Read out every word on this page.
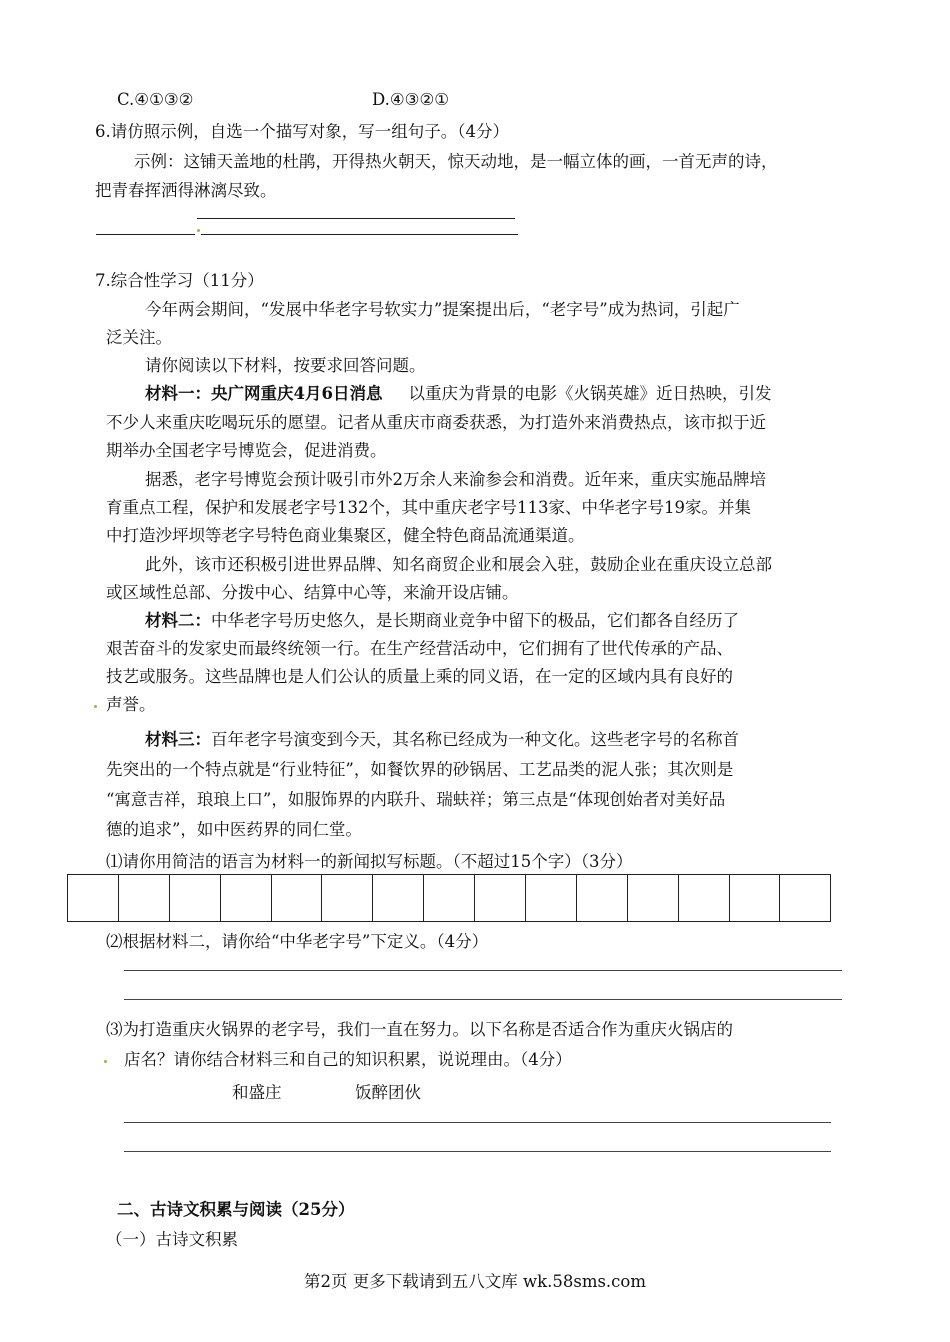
C.④①③②	D.④③②①
6.请仿照示例，自选一个描写对象，写一组句子。（4分）
示例：这铺天盖地的杜鹃，开得热火朝天，惊天动地，是一幅立体的画，一首无声的诗，
把青春挥洒得淋漓尽致。
7.综合性学习（11分）
今年两会期间，“发展中华老字号软实力”提案提出后，“老字号”成为热词，引起广
泛关注。
请你阅读以下材料，按要求回答问题。
材料一：央广网重庆4月6日消息 以重庆为背景的电影《火锅英雄》近日热映，引发
不少人来重庆吃喝玩乐的愿望。记者从重庆市商委获悉，为打造外来消费热点，该市拟于近
期举办全国老字号博览会，促进消费。
据悉，老字号博览会预计吸引市外2万余人来渝参会和消费。近年来，重庆实施品牌培
育重点工程，保护和发展老字号132个，其中重庆老字号113家、中华老字号19家。并集
中打造沙坪坝等老字号特色商业集聚区，健全特色商品流通渠道。
此外，该市还积极引进世界品牌、知名商贸企业和展会入驻，鼓励企业在重庆设立总部
或区域性总部、分拨中心、结算中心等，来渝开设店铺。
材料二：中华老字号历史悠久，是长期商业竞争中留下的极品，它们都各自经历了
艰苦奋斗的发家史而最终统领一行。在生产经营活动中，它们拥有了世代传承的产品、
技艺或服务。这些品牌也是人们公认的质量上乘的同义语，在一定的区域内具有良好的
声誉。
材料三：百年老字号演变到今天，其名称已经成为一种文化。这些老字号的名称首
先突出的一个特点就是“行业特征”，如餐饮界的砂锅居、工艺品类的泥人张；其次则是
“寓意吉祥，琅琅上口”，如服饰界的内联升、瑞蚨祥；第三点是“体现创始者对美好品
德的追求”，如中医药界的同仁堂。
⑴请你用简洁的语言为材料一的新闻拟写标题。（不超过15个字）（3分）
⑵根据材料二，请你给“中华老字号”下定义。（4分）
⑶为打造重庆火锅界的老字号，我们一直在努力。以下名称是否适合作为重庆火锅店的
店名？请你结合材料三和自己的知识积累，说说理由。（4分）
和盛庄	饭醉团伙
二、古诗文积累与阅读（25分）
（一）古诗文积累
第2页 更多下载请到五八文库 wk.58sms.com
